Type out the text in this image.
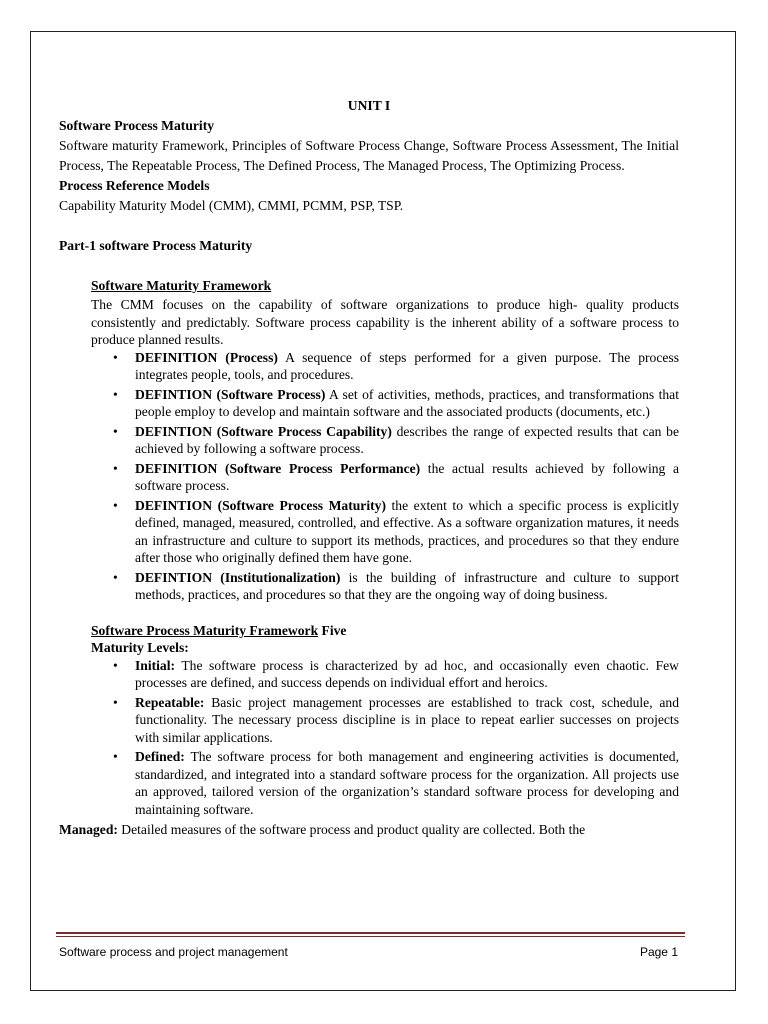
UNIT I

Software Process Maturity

Software maturity Framework, Principles of Software Process Change, Software Process Assessment, The Initial Process, The Repeatable Process, The Defined Process, The Managed Process, The Optimizing Process.

Process Reference Models

Capability Maturity Model (CMM), CMMI, PCMM, PSP, TSP.

Part-1 software Process Maturity

Software Maturity Framework

The CMM focuses on the capability of software organizations to produce high- quality products consistently and predictably. Software process capability is the inherent ability of a software process to produce planned results.

• DEFINITION (Process) A sequence of steps performed for a given purpose. The process integrates people, tools, and procedures.
• DEFINTION (Software Process) A set of activities, methods, practices, and transformations that people employ to develop and maintain software and the associated products (documents, etc.)
• DEFINTION (Software Process Capability) describes the range of expected results that can be achieved by following a software process.
• DEFINITION (Software Process Performance) the actual results achieved by following a software process.
• DEFINTION (Software Process Maturity) the extent to which a specific process is explicitly defined, managed, measured, controlled, and effective. As a software organization matures, it needs an infrastructure and culture to support its methods, practices, and procedures so that they endure after those who originally defined them have gone.
• DEFINTION (Institutionalization) is the building of infrastructure and culture to support methods, practices, and procedures so that they are the ongoing way of doing business.

Software Process Maturity Framework Five

Maturity Levels:

• Initial: The software process is characterized by ad hoc, and occasionally even chaotic. Few processes are defined, and success depends on individual effort and heroics.
• Repeatable: Basic project management processes are established to track cost, schedule, and functionality. The necessary process discipline is in place to repeat earlier successes on projects with similar applications.
• Defined: The software process for both management and engineering activities is documented, standardized, and integrated into a standard software process for the organization. All projects use an approved, tailored version of the organization’s standard software process for developing and maintaining software.

Managed: Detailed measures of the software process and product quality are collected. Both the

Software process and project management	Page 1
